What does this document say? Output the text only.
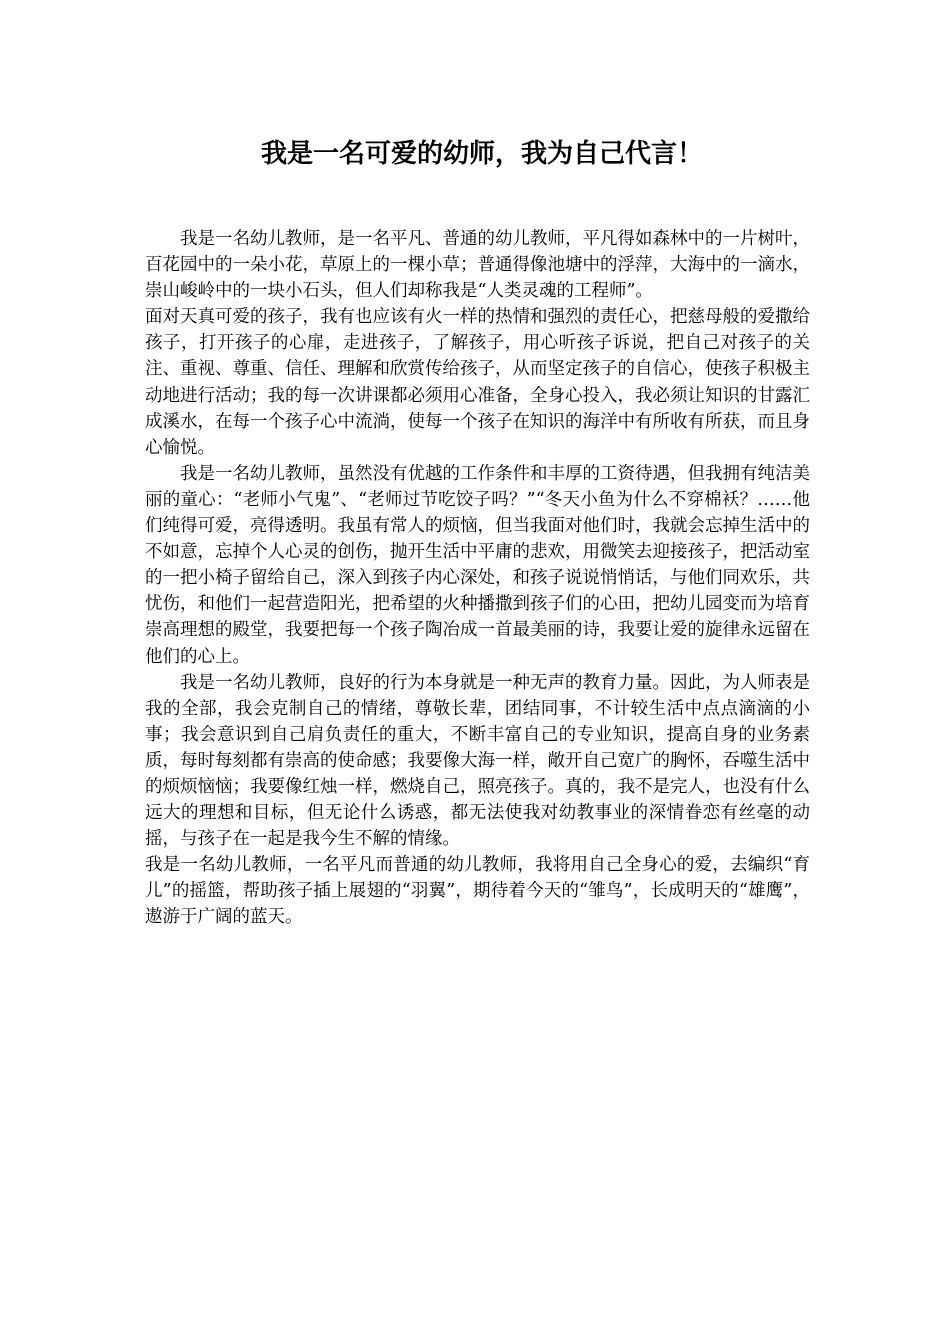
我是一名可爱的幼师，我为自己代言！

我是一名幼儿教师，是一名平凡、普通的幼儿教师，平凡得如森林中的一片树叶，百花园中的一朵小花，草原上的一棵小草；普通得像池塘中的浮萍，大海中的一滴水，崇山峻岭中的一块小石头，但人们却称我是“人类灵魂的工程师”。

面对天真可爱的孩子，我有也应该有火一样的热情和强烈的责任心，把慈母般的爱撒给孩子，打开孩子的心扉，走进孩子，了解孩子，用心听孩子诉说，把自己对孩子的关注、重视、尊重、信任、理解和欣赏传给孩子，从而坚定孩子的自信心，使孩子积极主动地进行活动；我的每一次讲课都必须用心准备，全身心投入，我必须让知识的甘露汇成溪水，在每一个孩子心中流淌，使每一个孩子在知识的海洋中有所收有所获，而且身心愉悦。

我是一名幼儿教师，虽然没有优越的工作条件和丰厚的工资待遇，但我拥有纯洁美丽的童心：“老师小气鬼”、“老师过节吃饺子吗？”“冬天小鱼为什么不穿棉袄？……他们纯得可爱，亮得透明。我虽有常人的烦恼，但当我面对他们时，我就会忘掉生活中的不如意，忘掉个人心灵的创伤，抛开生活中平庸的悲欢，用微笑去迎接孩子，把活动室的一把小椅子留给自己，深入到孩子内心深处，和孩子说说悄悄话，与他们同欢乐，共忧伤，和他们一起营造阳光，把希望的火种播撒到孩子们的心田，把幼儿园变而为培育崇高理想的殿堂，我要把每一个孩子陶冶成一首最美丽的诗，我要让爱的旋律永远留在他们的心上。

我是一名幼儿教师，良好的行为本身就是一种无声的教育力量。因此，为人师表是我的全部，我会克制自己的情绪，尊敬长辈，团结同事，不计较生活中点点滴滴的小事；我会意识到自己肩负责任的重大，不断丰富自己的专业知识，提高自身的业务素质，每时每刻都有崇高的使命感；我要像大海一样，敞开自己宽广的胸怀，吞噬生活中的烦烦恼恼；我要像红烛一样，燃烧自己，照亮孩子。真的，我不是完人，也没有什么远大的理想和目标，但无论什么诱惑，都无法使我对幼教事业的深情眷恋有丝毫的动摇，与孩子在一起是我今生不解的情缘。

我是一名幼儿教师，一名平凡而普通的幼儿教师，我将用自己全身心的爱，去编织“育儿”的摇篮，帮助孩子插上展翅的“羽翼”，期待着今天的“雏鸟”，长成明天的“雄鹰”，遨游于广阔的蓝天。
